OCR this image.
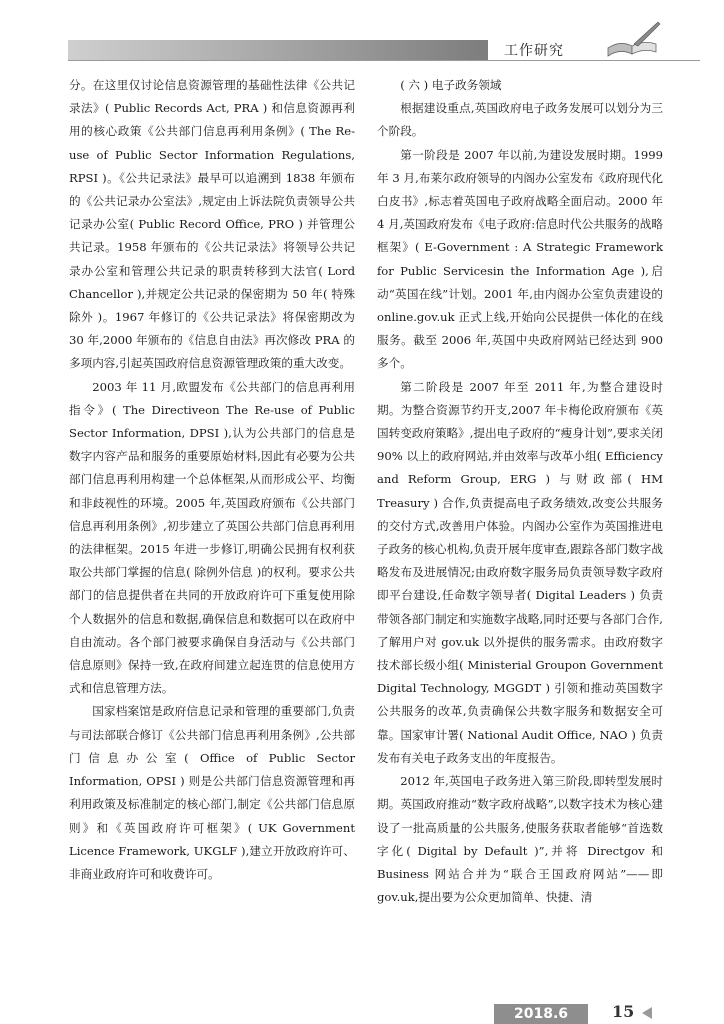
工作研究

分。在这里仅讨论信息资源管理的基础性法律《公共记录法》( Public Records Act, PRA ) 和信息资源再利用的核心政策《公共部门信息再利用条例》( The Re-use of Public Sector Information Regulations, RPSI )。《公共记录法》最早可以追溯到 1838 年颁布的《公共记录办公室法》,规定由上诉法院负责领导公共记录办公室( Public Record Office, PRO ) 并管理公共记录。1958 年颁布的《公共记录法》将领导公共记录办公室和管理公共记录的职责转移到大法官( Lord Chancellor ),并规定公共记录的保密期为 50 年( 特殊除外 )。1967 年修订的《公共记录法》将保密期改为 30 年,2000 年颁布的《信息自由法》再次修改 PRA 的多项内容,引起英国政府信息资源管理政策的重大改变。

2003 年 11 月,欧盟发布《公共部门的信息再利用指令》( The Directiveon The Re-use of Public Sector Information, DPSI ),认为公共部门的信息是数字内容产品和服务的重要原始材料,因此有必要为公共部门信息再利用构建一个总体框架,从而形成公平、均衡和非歧视性的环境。2005 年,英国政府颁布《公共部门信息再利用条例》,初步建立了英国公共部门信息再利用的法律框架。2015 年进一步修订,明确公民拥有权利获取公共部门掌握的信息( 除例外信息 )的权利。要求公共部门的信息提供者在共同的开放政府许可下重复使用除个人数据外的信息和数据,确保信息和数据可以在政府中自由流动。各个部门被要求确保自身活动与《公共部门信息原则》保持一致,在政府间建立起连贯的信息使用方式和信息管理方法。

国家档案馆是政府信息记录和管理的重要部门,负责与司法部联合修订《公共部门信息再利用条例》,公共部门信息办公室( Office of Public Sector Information, OPSI ) 则是公共部门信息资源管理和再利用政策及标准制定的核心部门,制定《公共部门信息原则》和《英国政府许可框架》( UK Government Licence Framework, UKGLF ),建立开放政府许可、非商业政府许可和收费许可。

( 六 ) 电子政务领域

根据建设重点,英国政府电子政务发展可以划分为三个阶段。

第一阶段是 2007 年以前,为建设发展时期。1999 年 3 月,布莱尔政府领导的内阁办公室发布《政府现代化白皮书》,标志着英国电子政府战略全面启动。2000 年 4 月,英国政府发布《电子政府:信息时代公共服务的战略框架》( E-Government : A Strategic Framework for Public Servicesin the Information Age ),启动“英国在线”计划。2001 年,由内阁办公室负责建设的 online.gov.uk 正式上线,开始向公民提供一体化的在线服务。截至 2006 年,英国中央政府网站已经达到 900 多个。

第二阶段是 2007 年至 2011 年,为整合建设时期。为整合资源节约开支,2007 年卡梅伦政府颁布《英国转变政府策略》,提出电子政府的“瘦身计划”,要求关闭 90% 以上的政府网站,并由效率与改革小组( Efficiency and Reform Group, ERG ) 与财政部( HM Treasury ) 合作,负责提高电子政务绩效,改变公共服务的交付方式,改善用户体验。内阁办公室作为英国推进电子政务的核心机构,负责开展年度审查,跟踪各部门数字战略发布及进展情况;由政府数字服务局负责领导数字政府即平台建设,任命数字领导者( Digital Leaders ) 负责带领各部门制定和实施数字战略,同时还要与各部门合作,了解用户对 gov.uk 以外提供的服务需求。由政府数字技术部长级小组( Ministerial Groupon Government Digital Technology, MGGDT ) 引领和推动英国数字公共服务的改革,负责确保公共数字服务和数据安全可靠。国家审计署( National Audit Office, NAO ) 负责发布有关电子政务支出的年度报告。

2012 年,英国电子政务进入第三阶段,即转型发展时期。英国政府推动“数字政府战略”,以数字技术为核心建设了一批高质量的公共服务,使服务获取者能够“首选数字化( Digital by Default )”,并将 Directgov 和 Business 网站合并为“联合王国政府网站”——即 gov.uk,提出要为公众更加简单、快捷、清

2018.6	15
